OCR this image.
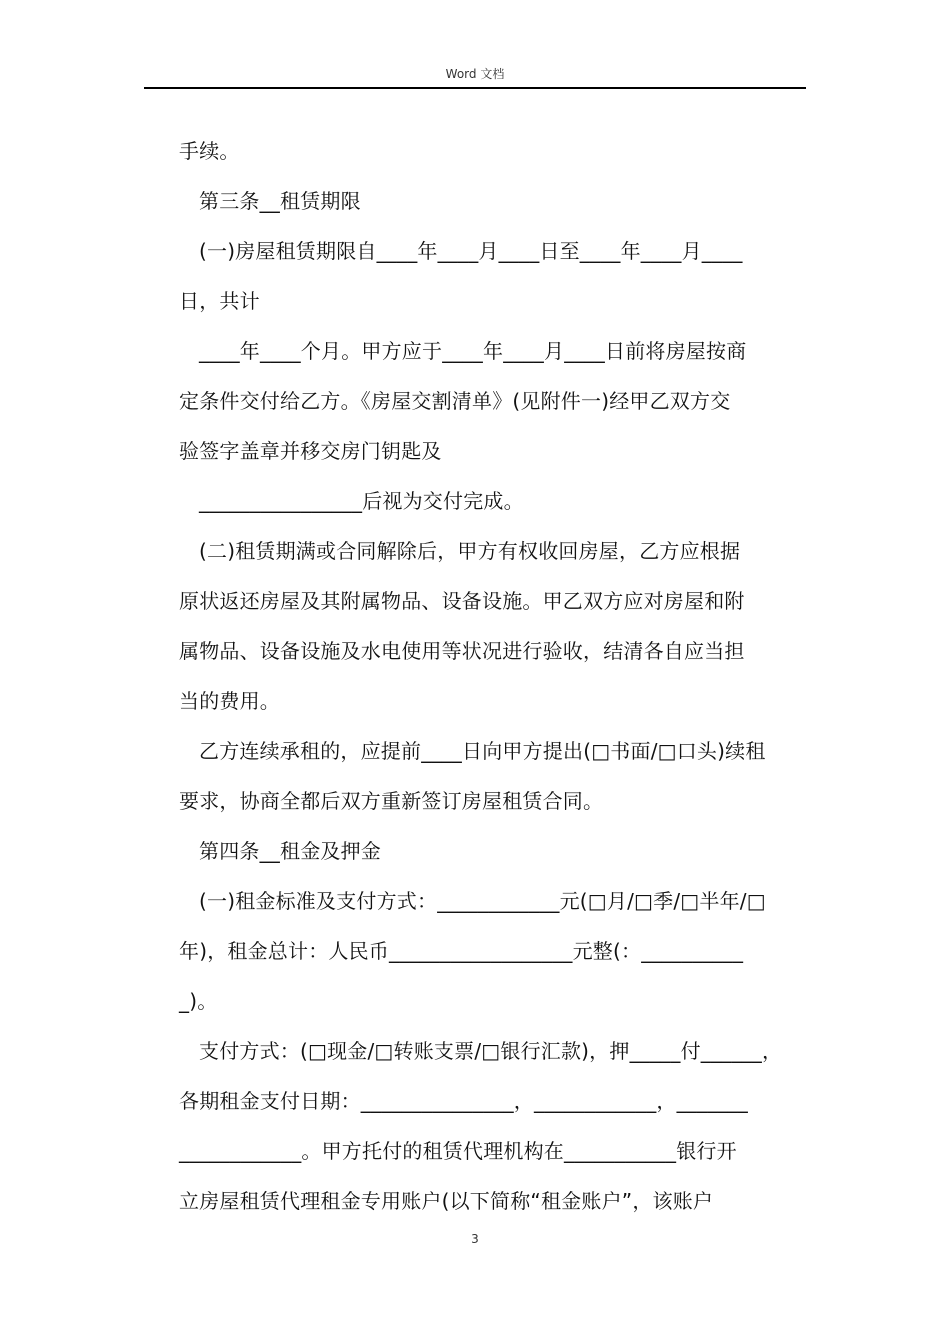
Word 文档
手续。
第三条__租赁期限
(一)房屋租赁期限自____年____月____日至____年____月____
日，共计
____年____个月。甲方应于____年____月____日前将房屋按商
定条件交付给乙方。《房屋交割清单》(见附件一)经甲乙双方交
验签字盖章并移交房门钥匙及
________________后视为交付完成。
(二)租赁期满或合同解除后，甲方有权收回房屋，乙方应根据
原状返还房屋及其附属物品、设备设施。甲乙双方应对房屋和附
属物品、设备设施及水电使用等状况进行验收，结清各自应当担
当的费用。
乙方连续承租的，应提前____日向甲方提出(□书面/□口头)续租
要求，协商全都后双方重新签订房屋租赁合同。
第四条__租金及押金
(一)租金标准及支付方式：____________元(□月/□季/□半年/□
年)，租金总计：人民币__________________元整(：__________
_)。
支付方式：(□现金/□转账支票/□银行汇款)，押_____付______，
各期租金支付日期：_______________，____________，_______
____________。甲方托付的租赁代理机构在___________银行开
立房屋租赁代理租金专用账户(以下简称“租金账户”，该账户
3
